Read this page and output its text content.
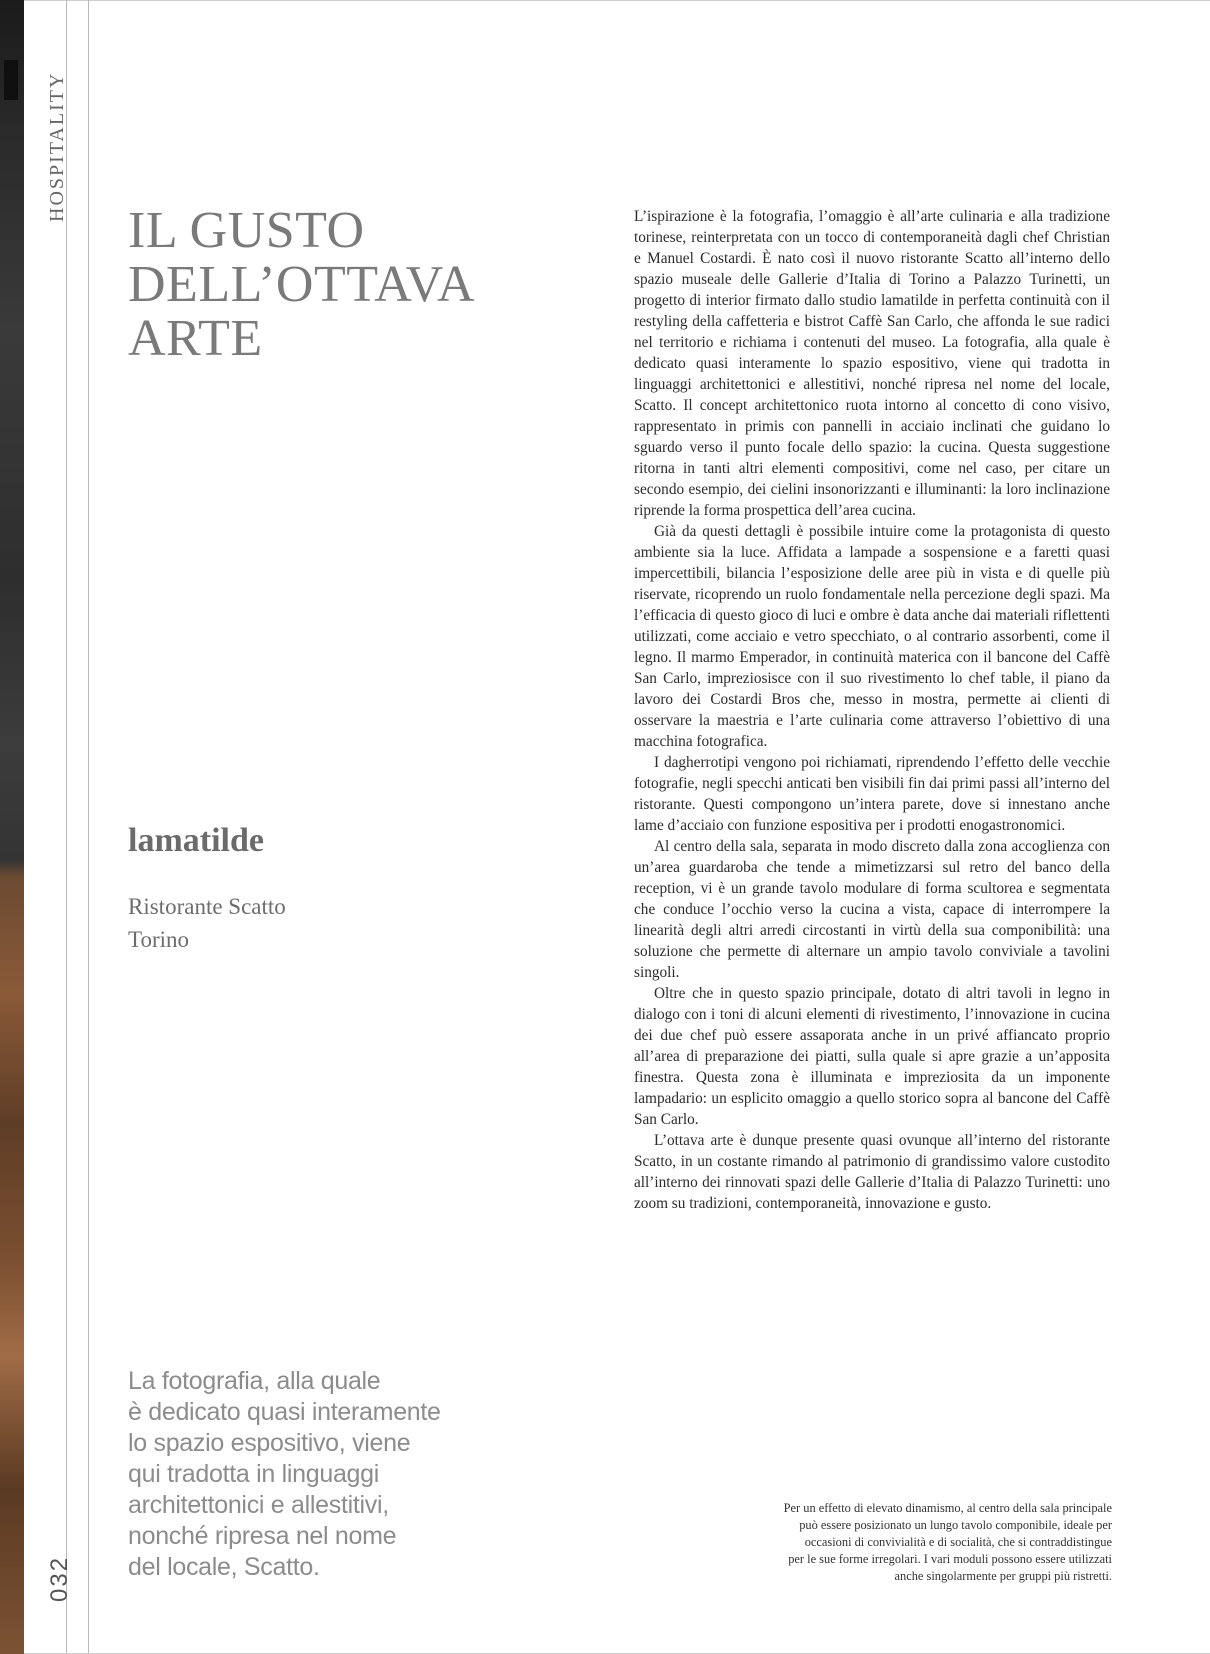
HOSPITALITY
032
IL GUSTO
DELL’OTTAVA
ARTE
lamatilde
Ristorante Scatto
Torino

L’ispirazione è la fotografia, l’omaggio è all’arte culinaria e alla tradizione torinese, reinterpretata con un tocco di contemporaneità dagli chef Christian e Manuel Costardi. È nato così il nuovo ristorante Scatto all’interno dello spazio museale delle Gallerie d’Italia di Torino a Palazzo Turinetti, un progetto di interior firmato dallo studio lamatilde in perfetta continuità con il restyling della caffetteria e bistrot Caffè San Carlo, che affonda le sue radici nel territorio e richiama i contenuti del museo. La fotografia, alla quale è dedicato quasi interamente lo spazio espositivo, viene qui tradotta in linguaggi architettonici e allestitivi, nonché ripresa nel nome del locale, Scatto. Il concept architettonico ruota intorno al concetto di cono visivo, rappresentato in primis con pannelli in acciaio inclinati che guidano lo sguardo verso il punto focale dello spazio: la cucina. Questa suggestione ritorna in tanti altri elementi compositivi, come nel caso, per citare un secondo esempio, dei cielini insonorizzanti e illuminanti: la loro inclinazione riprende la forma prospettica dell’area cucina.

Già da questi dettagli è possibile intuire come la protagonista di questo ambiente sia la luce. Affidata a lampade a sospensione e a faretti quasi impercettibili, bilancia l’esposizione delle aree più in vista e di quelle più riservate, ricoprendo un ruolo fondamentale nella percezione degli spazi. Ma l’efficacia di questo gioco di luci e ombre è data anche dai materiali riflettenti utilizzati, come acciaio e vetro specchiato, o al contrario assorbenti, come il legno. Il marmo Emperador, in continuità materica con il bancone del Caffè San Carlo, impreziosisce con il suo rivestimento lo chef table, il piano da lavoro dei Costardi Bros che, messo in mostra, permette ai clienti di osservare la maestria e l’arte culinaria come attraverso l’obiettivo di una macchina fotografica.

I dagherrotipi vengono poi richiamati, riprendendo l’effetto delle vecchie fotografie, negli specchi anticati ben visibili fin dai primi passi all’interno del ristorante. Questi compongono un’intera parete, dove si innestano anche lame d’acciaio con funzione espositiva per i prodotti enogastronomici.

Al centro della sala, separata in modo discreto dalla zona accoglienza con un’area guardaroba che tende a mimetizzarsi sul retro del banco della reception, vi è un grande tavolo modulare di forma scultorea e segmentata che conduce l’occhio verso la cucina a vista, capace di interrompere la linearità degli altri arredi circostanti in virtù della sua componibilità: una soluzione che permette di alternare un ampio tavolo conviviale a tavolini singoli.

Oltre che in questo spazio principale, dotato di altri tavoli in legno in dialogo con i toni di alcuni elementi di rivestimento, l’innovazione in cucina dei due chef può essere assaporata anche in un privé affiancato proprio all’area di preparazione dei piatti, sulla quale si apre grazie a un’apposita finestra. Questa zona è illuminata e impreziosita da un imponente lampadario: un esplicito omaggio a quello storico sopra al bancone del Caffè San Carlo.

L’ottava arte è dunque presente quasi ovunque all’interno del ristorante Scatto, in un costante rimando al patrimonio di grandissimo valore custodito all’interno dei rinnovati spazi delle Gallerie d’Italia di Palazzo Turinetti: uno zoom su tradizioni, contemporaneità, innovazione e gusto.

La fotografia, alla quale
è dedicato quasi interamente
lo spazio espositivo, viene
qui tradotta in linguaggi
architettonici e allestitivi,
nonché ripresa nel nome
del locale, Scatto.
Per un effetto di elevato dinamismo, al centro della sala principale
può essere posizionato un lungo tavolo componibile, ideale per
occasioni di convivialità e di socialità, che si contraddistingue
per le sue forme irregolari. I vari moduli possono essere utilizzati
anche singolarmente per gruppi più ristretti.
